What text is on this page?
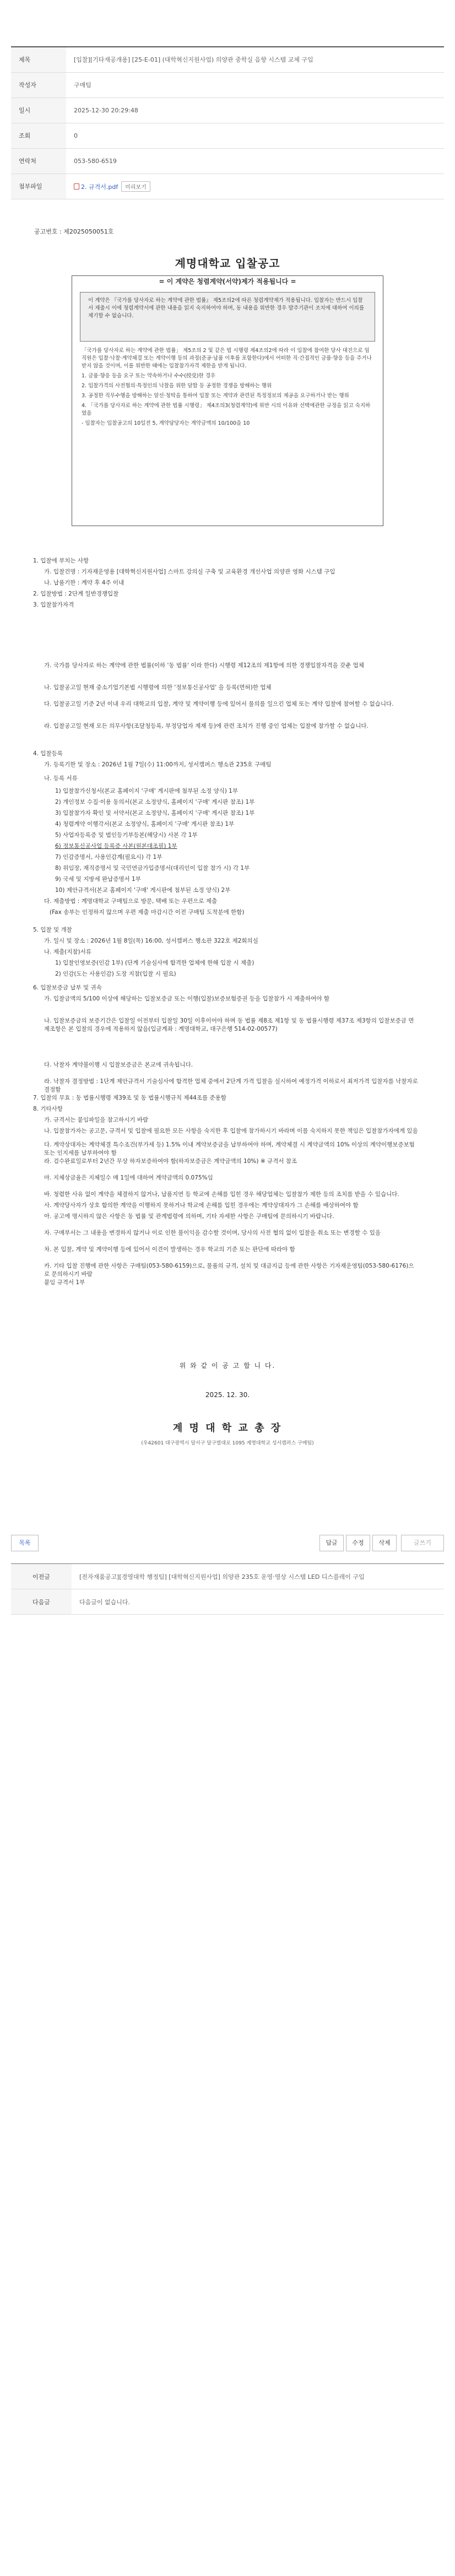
제목	[입찰][기타재공개용] [25-E-01] (대학혁신지원사업) 의양관 중학실 음향 시스템 교체 구입
작성자	구매팀
일시	2025-12-30 20:29:48
조회	0
연락처	053-580-6519
첨부파일	2. 규격서.pdf 미리보기
공고번호 : 제2025050051호
계명대학교 입찰공고
= 이 계약은 청렴계약(서약)제가 적용됩니다 =
이 계약은 『국가를 당사자로 하는 계약에 관한 법률』 제5조의2에 따른 청렴계약제가 적용됩니다. 입찰자는 반드시 입찰서 제출시 이에 청렴계약서에 관한 내용을 읽지 숙지하여야 하며, 동 내용을 위반한 경우 발주기관이 조치에 대하여 이의를 제기할 수 없습니다.

「국가를 당사자로 하는 계약에 관한 법률」 제5조의 2 및 같은 법 시행령 제4조의2에 따라 이 입찰에 참여한 당사 대진으로 임직원은 입찰·낙찰·계약체결 또는 계약이행 등의 과정(준공·납품 이후를 포함한다)에서 어떠한 직·간접적인 금품·향응 등을 주거나 받지 않을 것이며, 이를 위반한 때에는 입찰참가자격 제한을 받게 됩니다.

1. 금품·향응 등을 요구 또는 약속하거나 수수(授受)한 경우

2. 입찰가격의 사전협의·특정인의 낙찰을 위한 담합 등 공정한 경쟁을 방해하는 행위

3. 공정한 직무수행을 방해하는 알선·청탁을 통하여 입찰 또는 계약과 관련된 특정정보의 제공을 요구하거나 받는 행위

4. 「국가를 당사자로 하는 계약에 관한 법률 시행령」 제4조의3(청렴계약)에 위반 시의 이유와 선택에관한 규정을 읽고 숙지하였음

- 입찰자는 입찰공고의 10일전 5, 계약담당자는 계약금액의 10/100을 10

1. 입찰에 부치는 사항
가. 입찰건명 : 기자재운영용 [대학혁신지원사업] 스마트 강의실 구축 및 교육환경 개선사업 의양관 영화 시스템 구입
나. 납품기한 : 계약 후 4주 이내
2. 입찰방법 : 2단계 일반경쟁입찰
3. 입찰참가자격
가. 국가를 당사자로 하는 계약에 관한 법률(이하 '동 법률' 이라 한다) 시행령 제12조의 제1항에 의한 경쟁입찰자격을 갖춘 업체
나. 입찰공고일 현재 중소기업기본법 시행령에 의한 '정보통신공사업' 을 등록(면허)한 업체
다. 입찰공고일 기준 2년 이내 우리 대학교의 입찰, 계약 및 계약이행 등에 있어서 물의를 일으킨 업체 또는 계약 입찰에 참여할 수 없습니다.
라. 입찰공고일 현재 모든 의무사항(조달청등록, 부정당업자 제재 등)에 관련 조치가 진행 중인 업체는 입찰에 참가할 수 없습니다.
4. 입찰등록
가. 등록기한 및 장소 : 2026년 1월 7일(수) 11:00까지, 성서캠퍼스 행소관 235호 구매팀
나. 등록 서류
1) 입찰참가신청서(본교 홈페이지 '구매' 게시판에 첨부된 소정 양식) 1부
2) 개인정보 수집·이용 동의서(본교 소정양식, 홈페이지 '구매' 게시판 참조) 1부
3) 입찰참가자 확인 및 서약서(본교 소정양식, 홈페이지 '구매' 게시판 참조) 1부
4) 청렴계약 이행각서(본교 소정양식, 홈페이지 '구매' 게시판 참조) 1부
5) 사업자등록증 및 법인등기부등본(해당시) 사본 각 1부
6) 정보통신공사업 등록증 사본(원본대조필) 1부
7) 인감증명서, 사용인감계(필요시) 각 1부
8) 위임장, 재직증명서 및 국민연금가입증명서(대리인이 입찰 참가 시) 각 1부
9) 국세 및 지방세 완납증명서 1부
10) 제안규격서(본교 홈페이지 '구매' 게시판에 첨부된 소정 양식) 2부
다. 제출방법 : 계명대학교 구매팀으로 방문, 택배 또는 우편으로 제출
(Fax 송부는 인정하지 않으며 우편 제출 마감시간 이전 구매팀 도착분에 한함)
5. 입찰 및 개찰
가. 일시 및 장소 : 2026년 1월 8일(목) 16:00, 성서캠퍼스 행소관 322호 제2회의실
나. 제출(지참)서류
1) 입찰인영보증(인감 1부) (단계 기술심사에 합격한 업체에 한해 입찰 시 제출)
2) 인감(도는 사용인감) 도장 지참(입찰 시 필요)
6. 입찰보증금 납부 및 귀속
가. 입찰금액의 5/100 이상에 해당하는 입찰보증금 또는 이행(입찰)보증보험증권 등을 입찰참가 시 제출하여야 함
나. 입찰보증금의 보증기간은 입찰일 이전부터 입찰일 30일 이후이어야 하며 동 법률 제8조 제1항 및 동 법률시행령 제37조 제3항의 입찰보증금 면제조항은 본 입찰의 경우에 적용하지 않음(입금계좌 : 계명대학교, 대구은행 514-02-00577)
다. 낙찰자 계약불이행 시 입찰보증금은 본교에 귀속됩니다.
라. 낙찰자 결정방법 : 1단계 제안규격서 기술심사에 합격한 업체 중에서 2단계 가격 입찰을 실시하여 예정가격 이하로서 최저가격 입찰자를 낙찰자로 결정함
7. 입찰의 무효 : 동 법률시행령 제39조 및 동 법률시행규칙 제44조를 준용함
8. 기타사항
가. 규격서는 붙임파일을 참고하시기 바람
나. 입찰참가자는 공고문, 규격서 및 입찰에 필요한 모든 사항을 숙지한 후 입찰에 참가하시기 바라며 이를 숙지하지 못한 책임은 입찰참가자에게 있음
다. 계약상대자는 계약체결 특수조건(부가세 등) 1.5% 이내 계약보증금을 납부하여야 하며, 계약체결 시 계약금액의 10% 이상의 계약이행보증보험 또는 인지세를 납부하여야 함
라. 검수완료일로부터 2년간 무상 하자보증하여야 함(하자보증금은 계약금액의 10%) ※ 규격서 참조
마. 지체상금율은 지체일수 매 1일에 대하여 계약금액의 0.075%임
바. 청렴한 사유 없이 계약을 체결하지 않거나, 납품지연 등 학교에 손해를 입힌 경우 해당업체는 입찰참가 제한 등의 조치를 받을 수 있습니다.
사. 계약당사자가 상호 합의한 계약을 이행하지 못하거나 학교에 손해를 입힌 경우에는 계약상대자가 그 손해를 배상하여야 함
아. 공고에 명시하지 않은 사항은 동 법률 및 관계법령에 의하며, 기타 자세한 사항은 구매팀에 문의하시기 바랍니다.
자. 구매부서는 그 내용을 변경하지 않거나 이로 인한 불이익을 감수할 것이며, 당사의 사전 협의 없이 입찰을 취소 또는 변경할 수 있음
차. 본 입찰, 계약 및 계약이행 등에 있어서 이견이 발생하는 경우 학교의 기준 또는 판단에 따라야 함
카. 기타 입찰 진행에 관한 사항은 구매팀(053-580-6159)으로, 물품의 규격, 설치 및 대금지급 등에 관한 사항은 기자재운영팀(053-580-6176)으로 문의하시기 바람
붙임 규격서 1부
위 와 같 이 공 고 합 니 다.
2025. 12. 30.
계 명 대 학 교 총 장
(우42601 대구광역시 달서구 달구벌대로 1095 계명대학교 성서캠퍼스 구매팀)
목록	답글	수정	삭제	글쓰기
이전글	[전자재품공고][경영대학 행정팀] [대학혁신지원사업] 의양관 235호 운영·영상 시스템 LED 디스플레이 구입
다음글	다음글이 없습니다.
